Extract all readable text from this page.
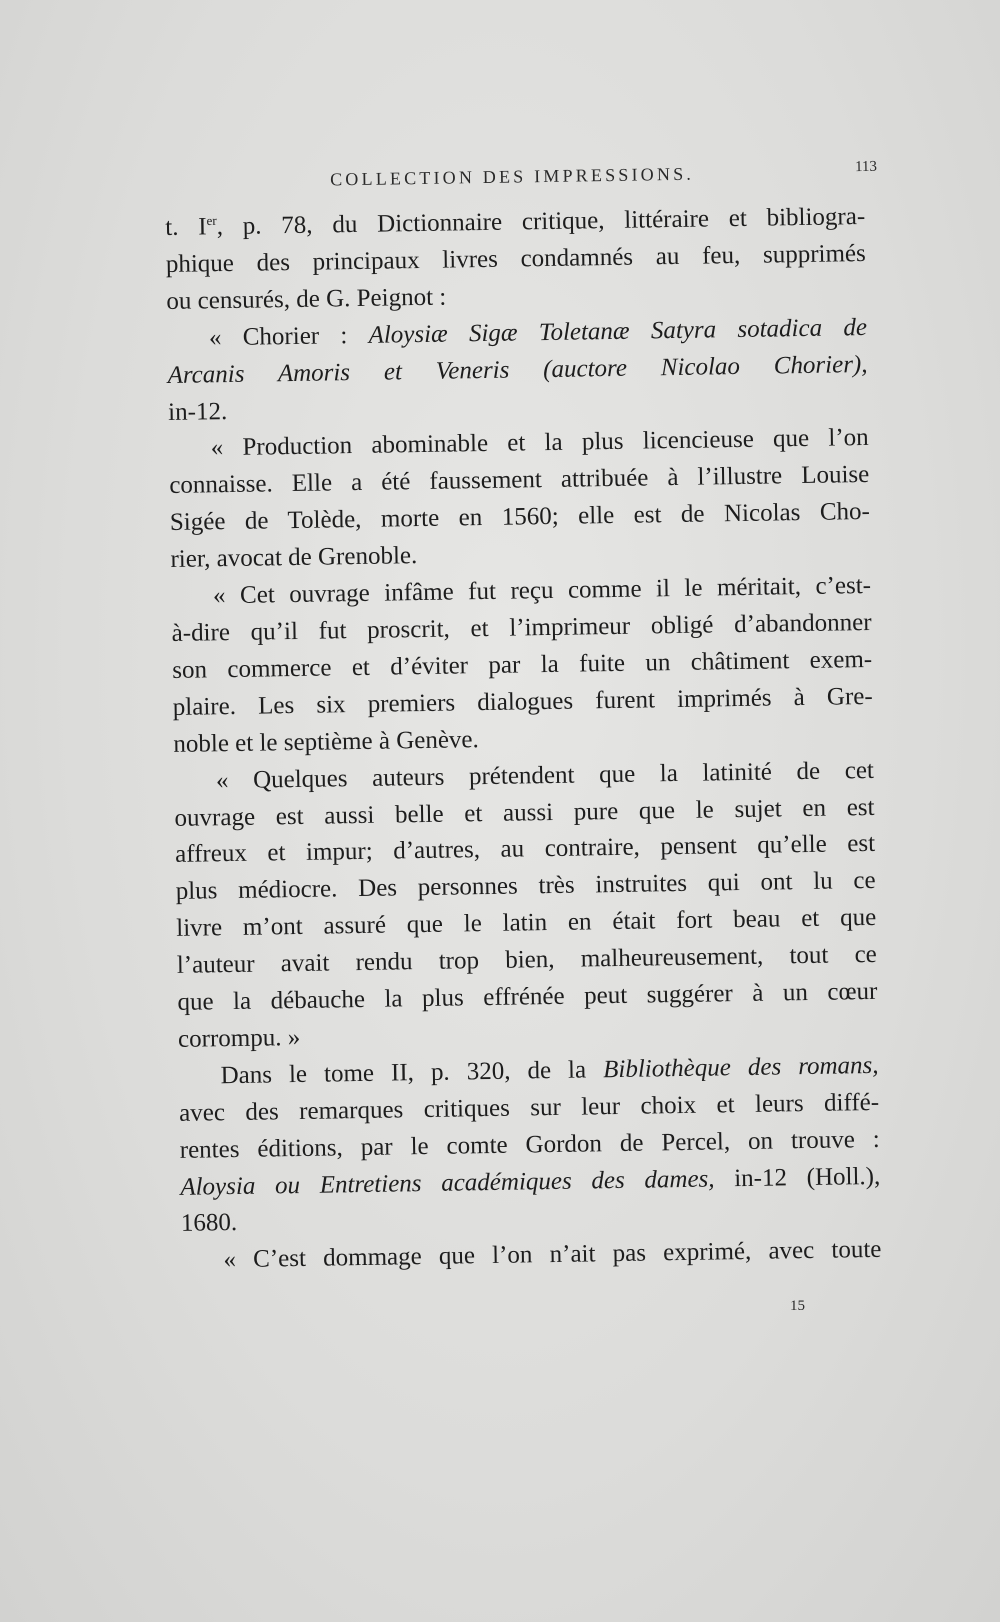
COLLECTION DES IMPRESSIONS.	113

t. Ier, p. 78, du Dictionnaire critique, littéraire et bibliogra-

phique des principaux livres condamnés au feu, supprimés

ou censurés, de G. Peignot :

« Chorier : Aloysiæ Sigæ Toletanæ Satyra sotadica de

Arcanis Amoris et Veneris (auctore Nicolao Chorier),

in-12.

« Production abominable et la plus licencieuse que l’on

connaisse. Elle a été faussement attribuée à l’illustre Louise

Sigée de Tolède, morte en 1560; elle est de Nicolas Cho-

rier, avocat de Grenoble.

« Cet ouvrage infâme fut reçu comme il le méritait, c’est-

à-dire qu’il fut proscrit, et l’imprimeur obligé d’abandonner

son commerce et d’éviter par la fuite un châtiment exem-

plaire. Les six premiers dialogues furent imprimés à Gre-

noble et le septième à Genève.

« Quelques auteurs prétendent que la latinité de cet

ouvrage est aussi belle et aussi pure que le sujet en est

affreux et impur; d’autres, au contraire, pensent qu’elle est

plus médiocre. Des personnes très instruites qui ont lu ce

livre m’ont assuré que le latin en était fort beau et que

l’auteur avait rendu trop bien, malheureusement, tout ce

que la débauche la plus effrénée peut suggérer à un cœur

corrompu. »

Dans le tome II, p. 320, de la Bibliothèque des romans,

avec des remarques critiques sur leur choix et leurs diffé-

rentes éditions, par le comte Gordon de Percel, on trouve :

Aloysia ou Entretiens académiques des dames, in-12 (Holl.),

1680.

« C’est dommage que l’on n’ait pas exprimé, avec toute

15
